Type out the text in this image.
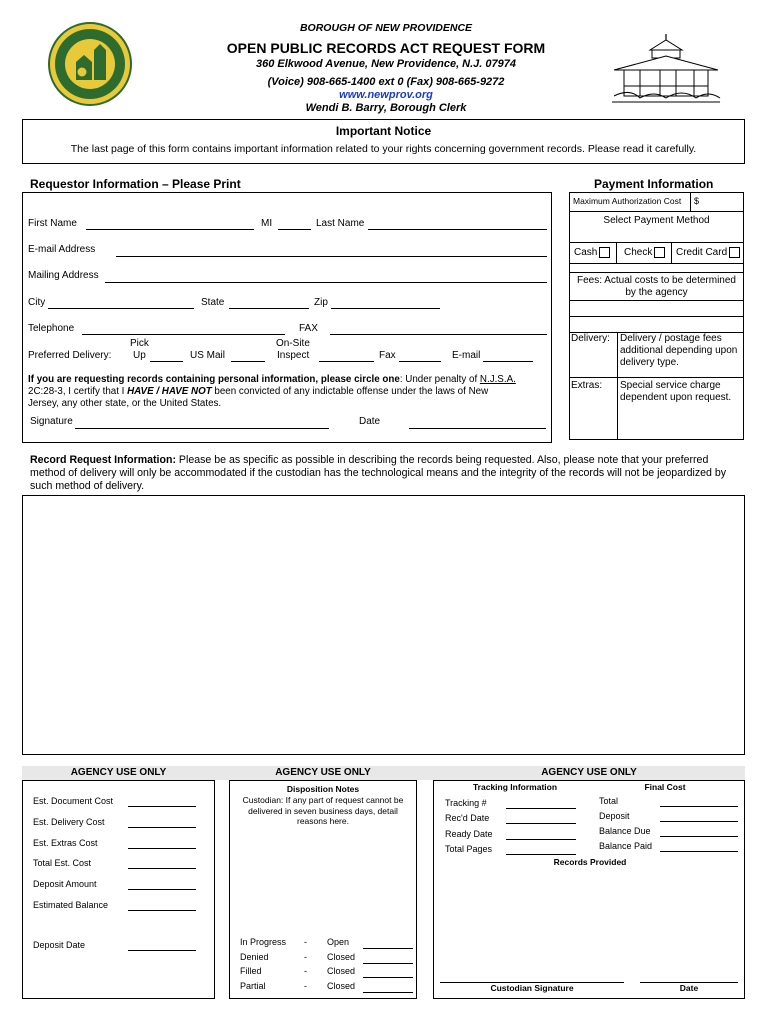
BOROUGH OF NEW PROVIDENCE
OPEN PUBLIC RECORDS ACT REQUEST FORM
360 Elkwood Avenue, New Providence, N.J. 07974
(Voice) 908-665-1400 ext 0 (Fax) 908-665-9272
www.newprov.org
Wendi B. Barry, Borough Clerk
Important Notice
The last page of this form contains important information related to your rights concerning government records. Please read it carefully.
Requestor Information – Please Print
First Name	MI	Last Name
E-mail Address
Mailing Address
City	State	Zip
Telephone	FAX
Pick	On-Site
Preferred Delivery: Up	US Mail	Inspect	Fax	E-mail
If you are requesting records containing personal information, please circle one: Under penalty of N.J.S.A.
2C:28-3, I certify that I HAVE / HAVE NOT been convicted of any indictable offense under the laws of New
Jersey, any other state, or the United States.
Signature	Date
Payment Information
Maximum Authorization Cost $
Select Payment Method
Cash	Check	Credit Card
Fees: Actual costs to be determined by the agency
Delivery: Delivery / postage fees additional depending upon delivery type.
Extras: Special service charge dependent upon request.
Record Request Information: Please be as specific as possible in describing the records being requested. Also, please note that your preferred method of delivery will only be accommodated if the custodian has the technological means and the integrity of the records will not be jeopardized by such method of delivery.
AGENCY USE ONLY
Est. Document Cost
Est. Delivery Cost
Est. Extras Cost
Total Est. Cost
Deposit Amount
Estimated Balance
Deposit Date
AGENCY USE ONLY
Disposition Notes
Custodian: If any part of request cannot be delivered in seven business days, detail reasons here.
In Progress - Open
Denied	- Closed
Filled	- Closed
Partial	- Closed
AGENCY USE ONLY
Tracking Information	Final Cost
Tracking #
Rec'd Date
Ready Date
Total Pages
Total
Deposit
Balance Due
Balance Paid
Records Provided
Custodian Signature	Date
